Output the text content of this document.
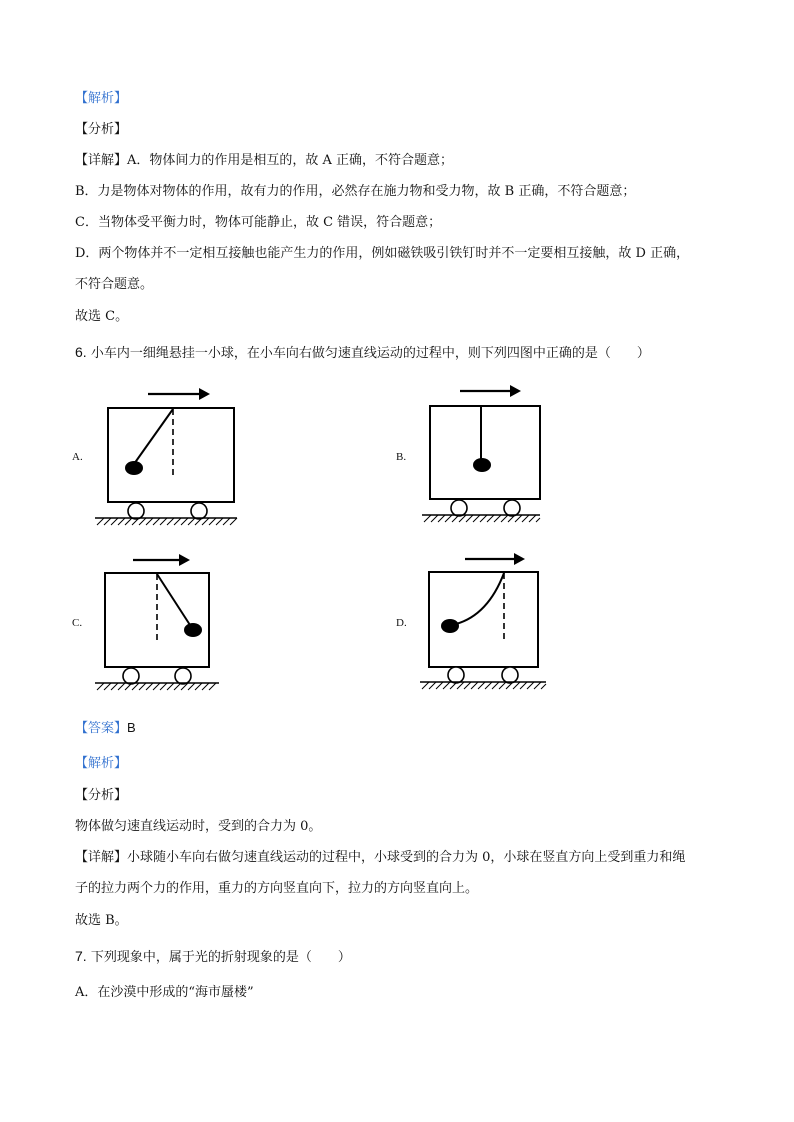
【解析】
【分析】
【详解】A．物体间力的作用是相互的，故 A 正确，不符合题意；
B．力是物体对物体的作用，故有力的作用，必然存在施力物和受力物，故 B 正确，不符合题意；
C．当物体受平衡力时，物体可能静止，故 C 错误，符合题意；
D．两个物体并不一定相互接触也能产生力的作用，例如磁铁吸引铁钉时并不一定要相互接触，故 D 正确，
不符合题意。
故选 C。
6. 小车内一细绳悬挂一小球，在小车向右做匀速直线运动的过程中，则下列四图中正确的是（　　）
A.	B.
C.	D.
【答案】B
【解析】
【分析】
物体做匀速直线运动时，受到的合力为 0。
【详解】小球随小车向右做匀速直线运动的过程中，小球受到的合力为 0，小球在竖直方向上受到重力和绳
子的拉力两个力的作用，重力的方向竖直向下，拉力的方向竖直向上。
故选 B。
7. 下列现象中，属于光的折射现象的是（　　）
A．在沙漠中形成的“海市蜃楼”
